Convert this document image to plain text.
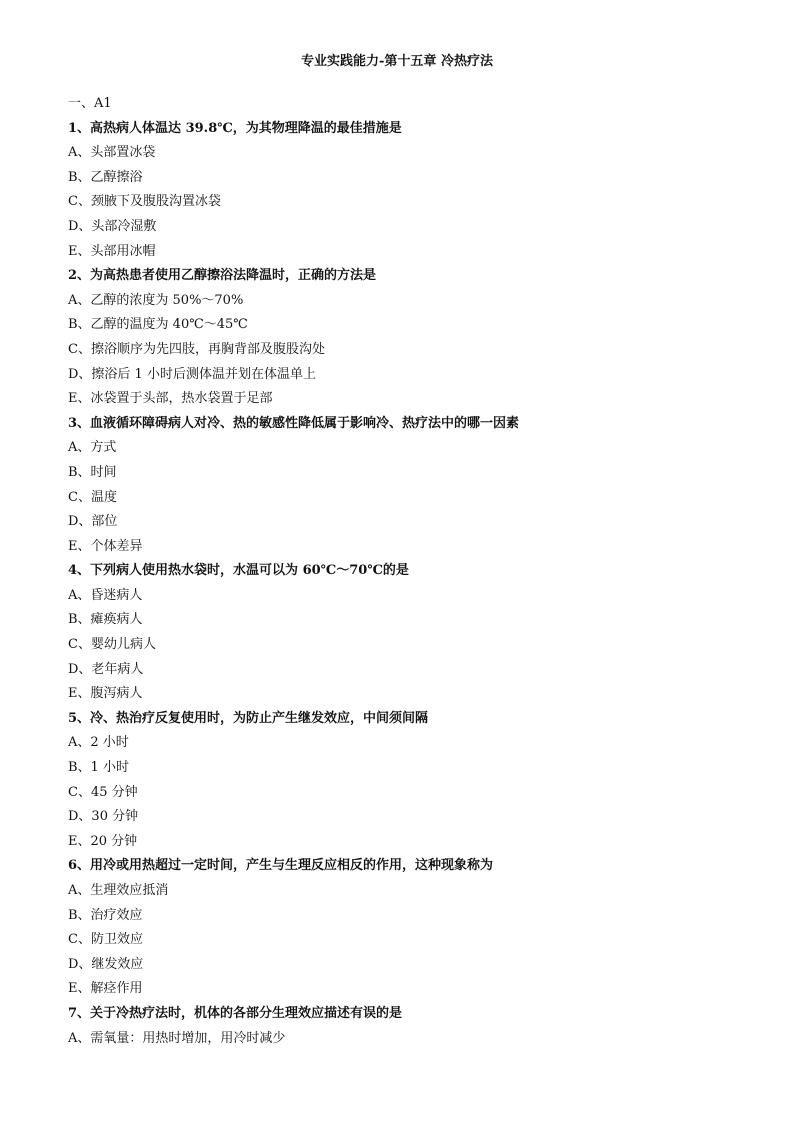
专业实践能力-第十五章 冷热疗法
一、A1
1、高热病人体温达 39.8℃，为其物理降温的最佳措施是
A、头部置冰袋
B、乙醇擦浴
C、颈腋下及腹股沟置冰袋
D、头部冷湿敷
E、头部用冰帽
2、为高热患者使用乙醇擦浴法降温时，正确的方法是
A、乙醇的浓度为 50%～70%
B、乙醇的温度为 40℃～45℃
C、擦浴顺序为先四肢，再胸背部及腹股沟处
D、擦浴后 1 小时后测体温并划在体温单上
E、冰袋置于头部，热水袋置于足部
3、血液循环障碍病人对冷、热的敏感性降低属于影响冷、热疗法中的哪一因素
A、方式
B、时间
C、温度
D、部位
E、个体差异
4、下列病人使用热水袋时，水温可以为 60℃～70℃的是
A、昏迷病人
B、瘫痪病人
C、婴幼儿病人
D、老年病人
E、腹泻病人
5、冷、热治疗反复使用时，为防止产生继发效应，中间须间隔
A、2 小时
B、1 小时
C、45 分钟
D、30 分钟
E、20 分钟
6、用冷或用热超过一定时间，产生与生理反应相反的作用，这种现象称为
A、生理效应抵消
B、治疗效应
C、防卫效应
D、继发效应
E、解痉作用
7、关于冷热疗法时，机体的各部分生理效应描述有误的是
A、需氧量：用热时增加，用冷时减少
